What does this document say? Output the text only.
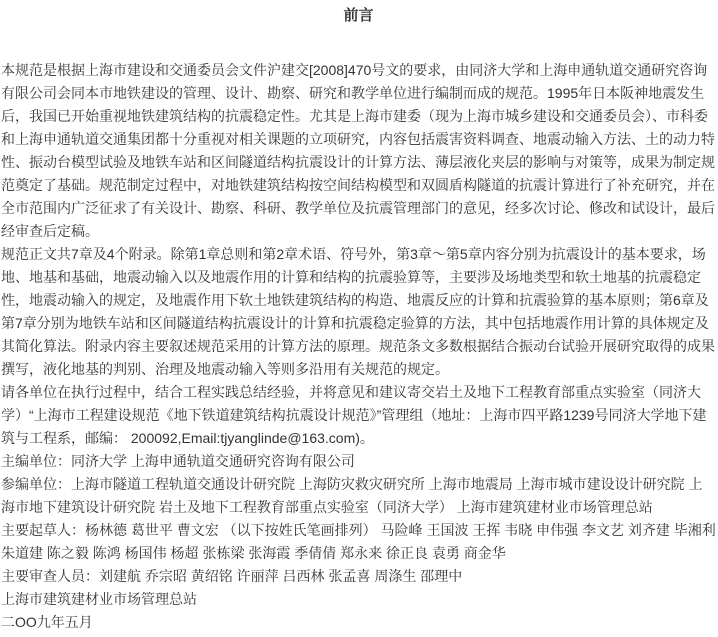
前言

本规范是根据上海市建设和交通委员会文件沪建交[2008]470号文的要求，由同济大学和上海申通轨道交通研究咨询有限公司会同本市地铁建设的管理、设计、勘察、研究和教学单位进行编制而成的规范。1995年日本阪神地震发生后，我国已开始重视地铁建筑结构的抗震稳定性。尤其是上海市建委（现为上海市城乡建设和交通委员会）、市科委和上海申通轨道交通集团都十分重视对相关课题的立项研究，内容包括震害资料调查、地震动输入方法、土的动力特性、振动台模型试验及地铁车站和区间隧道结构抗震设计的计算方法、薄层液化夹层的影响与对策等，成果为制定规范奠定了基础。规范制定过程中，对地铁建筑结构按空间结构模型和双圆盾构隧道的抗震计算进行了补充研究，并在全市范围内广泛征求了有关设计、勘察、科研、教学单位及抗震管理部门的意见，经多次讨论、修改和试设计，最后经审查后定稿。

规范正文共7章及4个附录。除第1章总则和第2章术语、符号外，第3章～第5章内容分别为抗震设计的基本要求，场地、地基和基础，地震动输入以及地震作用的计算和结构的抗震验算等，主要涉及场地类型和软土地基的抗震稳定性，地震动输入的规定，及地震作用下软土地铁建筑结构的构造、地震反应的计算和抗震验算的基本原则；第6章及第7章分别为地铁车站和区间隧道结构抗震设计的计算和抗震稳定验算的方法，其中包括地震作用计算的具体规定及其简化算法。附录内容主要叙述规范采用的计算方法的原理。规范条文多数根据结合振动台试验开展研究取得的成果撰写，液化地基的判别、治理及地震动输入等则多沿用有关规范的规定。

请各单位在执行过程中，结合工程实践总结经验，并将意见和建议寄交岩土及地下工程教育部重点实验室（同济大学）“上海市工程建设规范《地下铁道建筑结构抗震设计规范》”管理组（地址：上海市四平路1239号同济大学地下建筑与工程系，邮编： 200092,Email:tjyanglinde@163.com)。

主编单位：同济大学 上海申通轨道交通研究咨询有限公司

参编单位：上海市隧道工程轨道交通设计研究院 上海防灾救灾研究所 上海市地震局 上海市城市建设设计研究院 上海市地下建筑设计研究院 岩土及地下工程教育部重点实验室（同济大学） 上海市建筑建材业市场管理总站

主要起草人：杨林德 葛世平 曹文宏 （以下按姓氏笔画排列） 马险峰 王国波 王挥 韦晓 申伟强 李文艺 刘齐建 毕湘利 朱道建 陈之毅 陈鸿 杨国伟 杨超 张栋梁 张海霞 季倩倩 郑永来 徐正良 袁勇 商金华

主要审查人员：刘建航 乔宗昭 黄绍铭 许丽萍 吕西林 张孟喜 周涤生 邵理中

上海市建筑建材业市场管理总站

二OO九年五月
